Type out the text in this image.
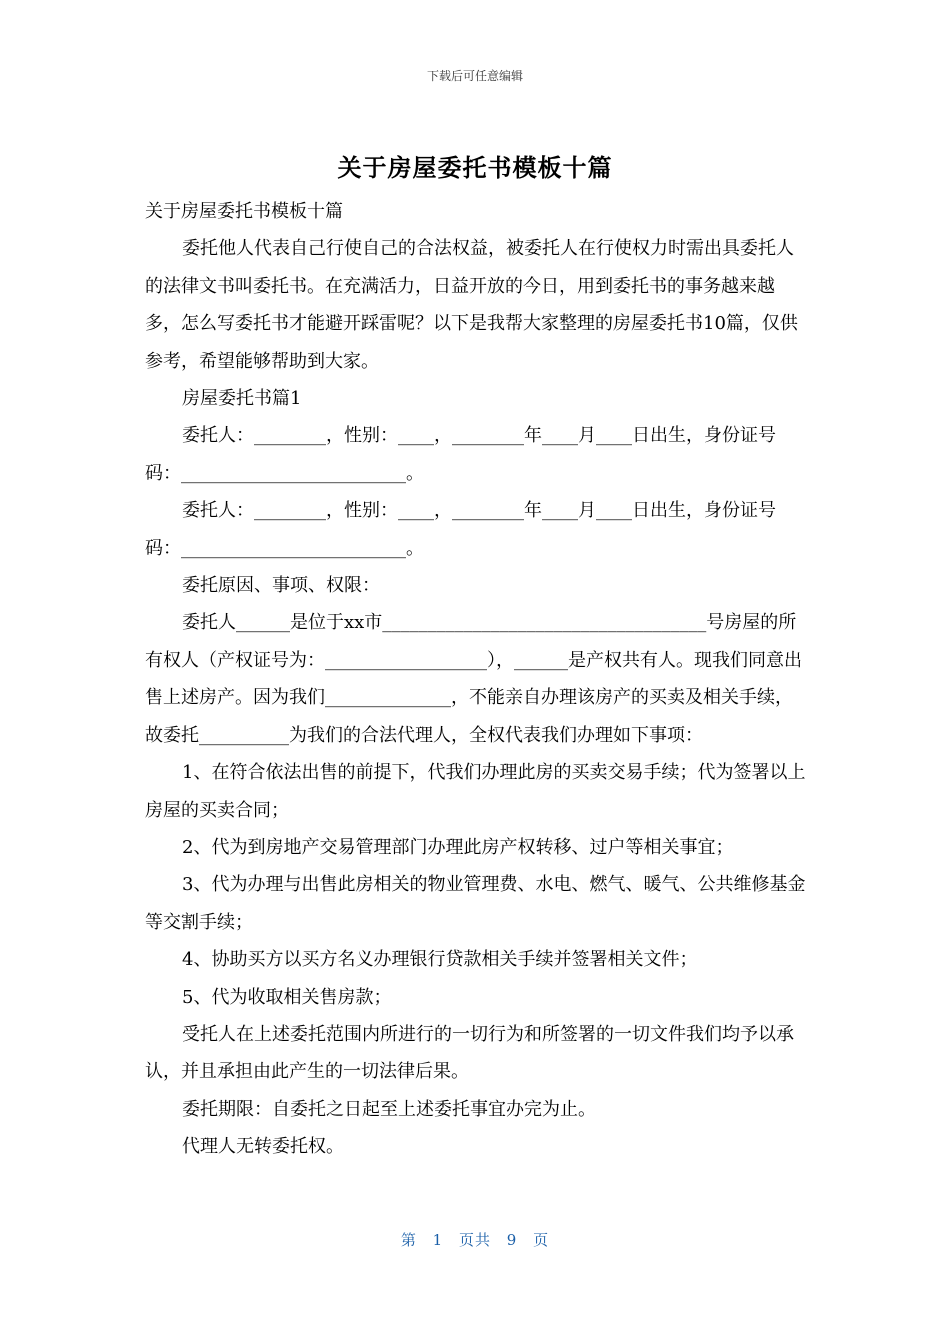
下载后可任意编辑
关于房屋委托书模板十篇

关于房屋委托书模板十篇

委托他人代表自己行使自己的合法权益，被委托人在行使权力时需出具委托人的法律文书叫委托书。在充满活力，日益开放的今日，用到委托书的事务越来越多，怎么写委托书才能避开踩雷呢？以下是我帮大家整理的房屋委托书10篇，仅供参考，希望能够帮助到大家。

房屋委托书篇1

委托人：________，性别：____，________年____月____日出生，身份证号码：_________________________。

委托人：________，性别：____，________年____月____日出生，身份证号码：_________________________。

委托原因、事项、权限：

委托人______是位于xx市____________________________________号房屋的所有权人（产权证号为：__________________），______是产权共有人。现我们同意出售上述房产。因为我们______________，不能亲自办理该房产的买卖及相关手续，故委托__________为我们的合法代理人，全权代表我们办理如下事项：

1、在符合依法出售的前提下，代我们办理此房的买卖交易手续；代为签署以上房屋的买卖合同；

2、代为到房地产交易管理部门办理此房产权转移、过户等相关事宜；

3、代为办理与出售此房相关的物业管理费、水电、燃气、暖气、公共维修基金等交割手续；

4、协助买方以买方名义办理银行贷款相关手续并签署相关文件；

5、代为收取相关售房款；

受托人在上述委托范围内所进行的一切行为和所签署的一切文件我们均予以承认，并且承担由此产生的一切法律后果。

委托期限：自委托之日起至上述委托事宜办完为止。

代理人无转委托权。

第 1 页共 9 页
